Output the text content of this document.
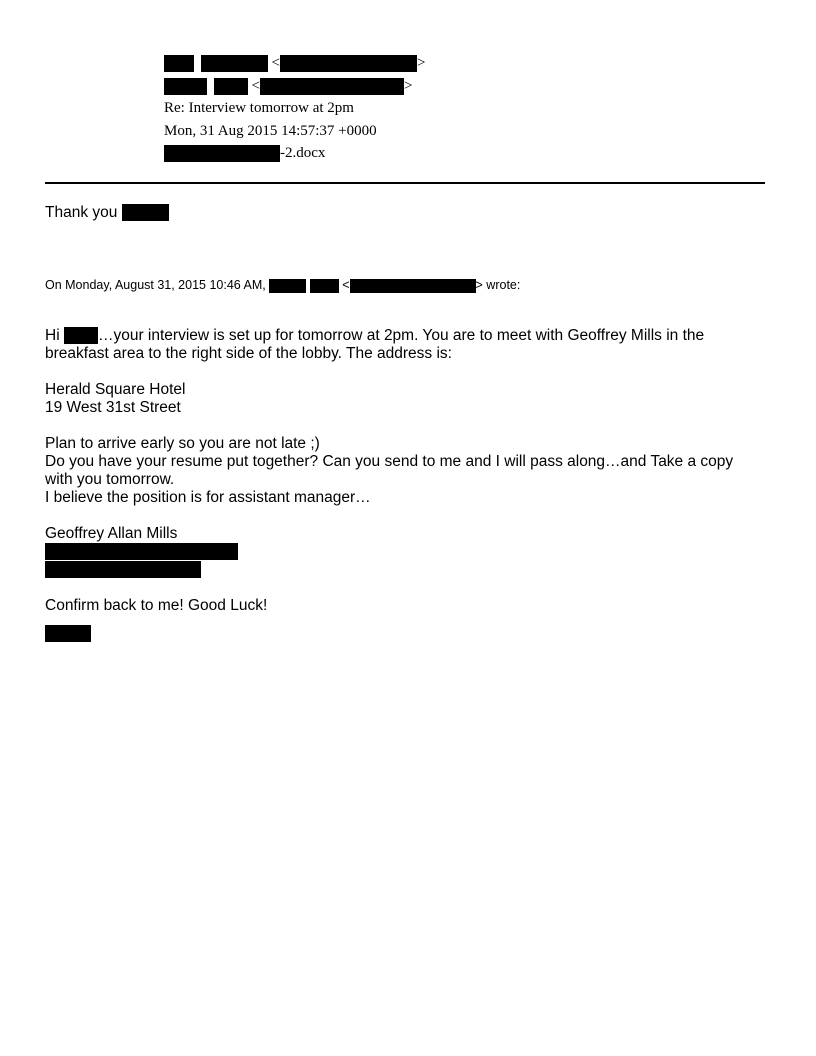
<	>
<	>
Re: Interview tomorrow at 2pm
Mon, 31 Aug 2015 14:57:37 +0000
-2.docx
Thank you
On Monday, August 31, 2015 10:46 AM,	<	> wrote:
Hi …your interview is set up for tomorrow at 2pm. You are to meet with Geoffrey Mills in the
breakfast area to the right side of the lobby. The address is:
Herald Square Hotel
19 West 31st Street
Plan to arrive early so you are not late ;)
Do you have your resume put together? Can you send to me and I will pass along…and Take a copy
with you tomorrow.
I believe the position is for assistant manager…
Geoffrey Allan Mills
Confirm back to me! Good Luck!
